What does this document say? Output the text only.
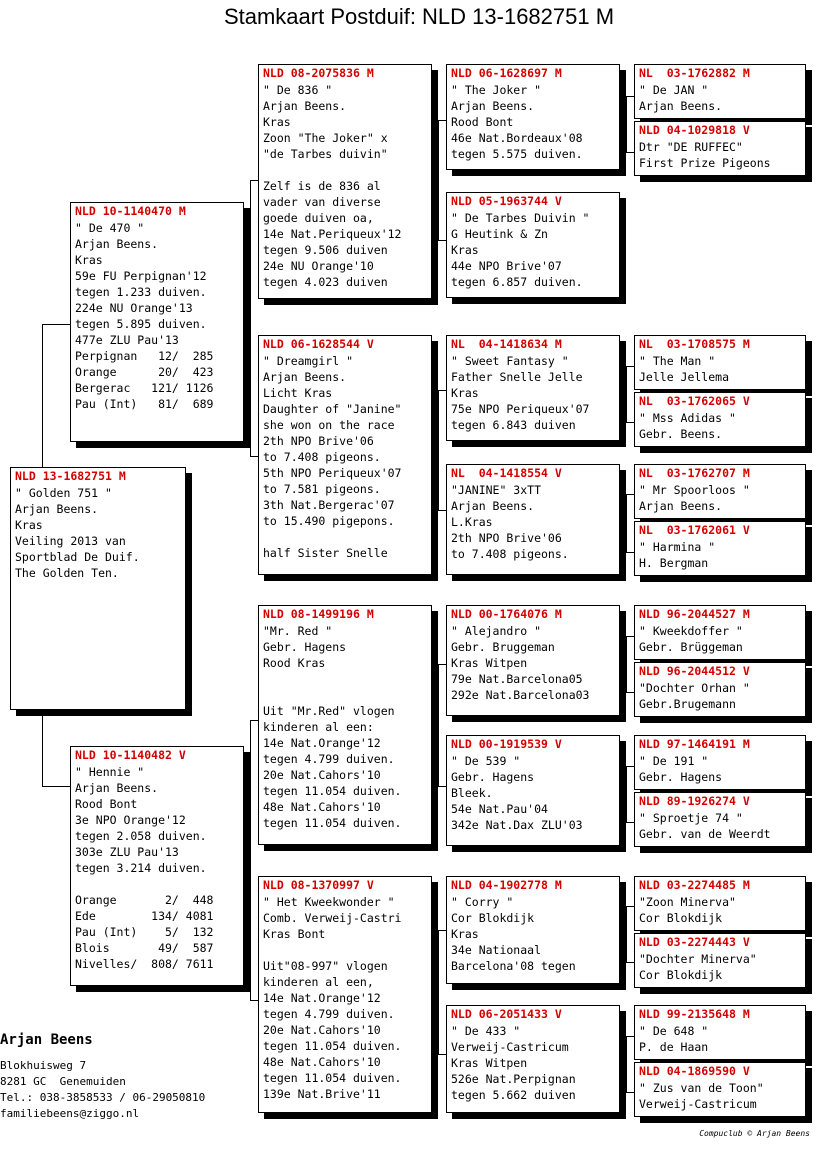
Stamkaart Postduif: NLD 13-1682751 M
NLD 13-1682751 M
" Golden 751 "
Arjan Beens.
Kras
Veiling 2013 van
Sportblad De Duif.
The Golden Ten.
NLD 10-1140470 M
" De 470 "
Arjan Beens.
Kras
59e FU Perpignan'12
tegen 1.233 duiven.
224e NU Orange'13
tegen 5.895 duiven.
477e ZLU Pau'13
Perpignan   12/  285
Orange      20/  423
Bergerac   121/ 1126
Pau (Int)   81/  689
NLD 10-1140482 V
" Hennie "
Arjan Beens.
Rood Bont
3e NPO Orange'12
tegen 2.058 duiven.
303e ZLU Pau'13
tegen 3.214 duiven.
Orange       2/  448
Ede        134/ 4081
Pau (Int)    5/  132
Blois       49/  587
Nivelles/  808/ 7611
NLD 08-2075836 M
" De 836 "
Arjan Beens.
Kras
Zoon "The Joker" x
"de Tarbes duivin"
Zelf is de 836 al
vader van diverse
goede duiven oa,
14e Nat.Periqueux'12
tegen 9.506 duiven
24e NU Orange'10
tegen 4.023 duiven
NLD 06-1628544 V
" Dreamgirl "
Arjan Beens.
Licht Kras
Daughter of "Janine"
she won on the race
2th NPO Brive'06
to 7.408 pigeons.
5th NPO Periqueux'07
to 7.581 pigeons.
3th Nat.Bergerac'07
to 15.490 pigepons.
half Sister Snelle
NLD 08-1499196 M
"Mr. Red "
Gebr. Hagens
Rood Kras
Uit "Mr.Red" vlogen
kinderen al een:
14e Nat.Orange'12
tegen 4.799 duiven.
20e Nat.Cahors'10
tegen 11.054 duiven.
48e Nat.Cahors'10
tegen 11.054 duiven.
NLD 08-1370997 V
" Het Kweekwonder "
Comb. Verweij-Castri
Kras Bont
Uit"08-997" vlogen
kinderen al een,
14e Nat.Orange'12
tegen 4.799 duiven.
20e Nat.Cahors'10
tegen 11.054 duiven.
48e Nat.Cahors'10
tegen 11.054 duiven.
139e Nat.Brive'11
NLD 06-1628697 M
" The Joker "
Arjan Beens.
Rood Bont
46e Nat.Bordeaux'08
tegen 5.575 duiven.
NLD 05-1963744 V
" De Tarbes Duivin "
G Heutink & Zn
Kras
44e NPO Brive'07
tegen 6.857 duiven.
NL  04-1418634 M
" Sweet Fantasy "
Father Snelle Jelle
Kras
75e NPO Periqueux'07
tegen 6.843 duiven
NL  04-1418554 V
"JANINE" 3xTT
Arjan Beens.
L.Kras
2th NPO Brive'06
to 7.408 pigeons.
NLD 00-1764076 M
" Alejandro "
Gebr. Bruggeman
Kras Witpen
79e Nat.Barcelona05
292e Nat.Barcelona03
NLD 00-1919539 V
" De 539 "
Gebr. Hagens
Bleek.
54e Nat.Pau'04
342e Nat.Dax ZLU'03
NLD 04-1902778 M
" Corry "
Cor Blokdijk
Kras
34e Nationaal
Barcelona'08 tegen
NLD 06-2051433 V
" De 433 "
Verweij-Castricum
Kras Witpen
526e Nat.Perpignan
tegen 5.662 duiven
NL  03-1762882 M
" De JAN "
Arjan Beens.
NLD 04-1029818 V
Dtr "DE RUFFEC"
First Prize Pigeons
NL  03-1708575 M
" The Man "
Jelle Jellema
NL  03-1762065 V
" Mss Adidas "
Gebr. Beens.
NL  03-1762707 M
" Mr Spoorloos "
Arjan Beens.
NL  03-1762061 V
" Harmina "
H. Bergman
NLD 96-2044527 M
" Kweekdoffer "
Gebr. Brüggeman
NLD 96-2044512 V
"Dochter Orhan "
Gebr.Brugemann
NLD 97-1464191 M
" De 191 "
Gebr. Hagens
NLD 89-1926274 V
" Sproetje 74 "
Gebr. van de Weerdt
NLD 03-2274485 M
"Zoon Minerva"
Cor Blokdijk
NLD 03-2274443 V
"Dochter Minerva"
Cor Blokdijk
NLD 99-2135648 M
" De 648 "
P. de Haan
NLD 04-1869590 V
" Zus van de Toon"
Verweij-Castricum
Arjan Beens
Blokhuisweg 7
8281 GC  Genemuiden
Tel.: 038-3858533 / 06-29050810
familiebeens@ziggo.nl
Compuclub © Arjan Beens
